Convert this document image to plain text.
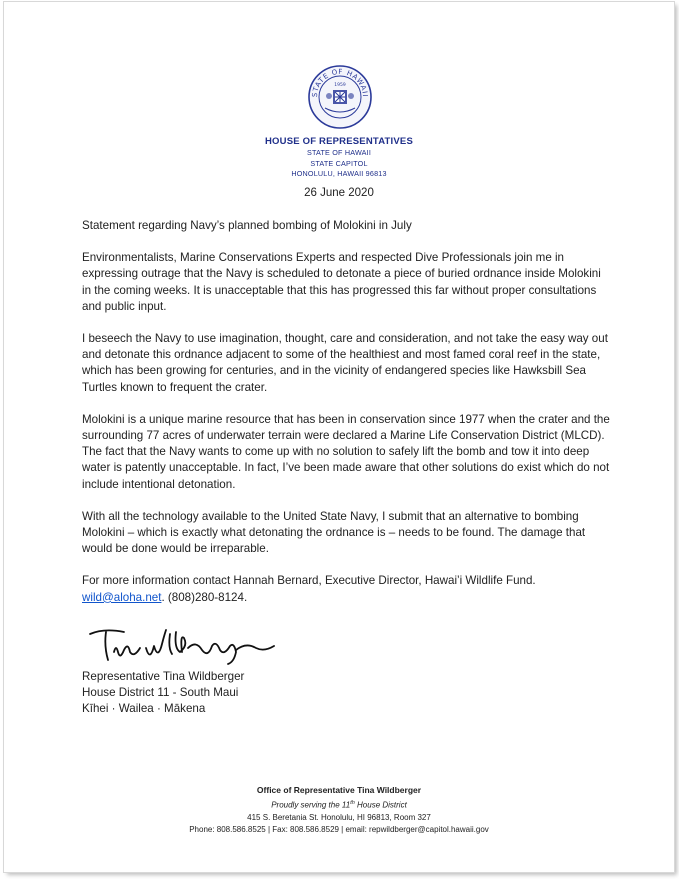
STATE OF HAWAII
1959
HOUSE OF REPRESENTATIVES
STATE OF HAWAII
STATE CAPITOL
HONOLULU, HAWAII 96813
26 June 2020

Statement regarding Navy’s planned bombing of Molokini in July

Environmentalists, Marine Conservations Experts and respected Dive Professionals join me in expressing outrage that the Navy is scheduled to detonate a piece of buried ordnance inside Molokini in the coming weeks. It is unacceptable that this has progressed this far without proper consultations and public input.

I beseech the Navy to use imagination, thought, care and consideration, and not take the easy way out and detonate this ordnance adjacent to some of the healthiest and most famed coral reef in the state, which has been growing for centuries, and in the vicinity of endangered species like Hawksbill Sea Turtles known to frequent the crater.

Molokini is a unique marine resource that has been in conservation since 1977 when the crater and the surrounding 77 acres of underwater terrain were declared a Marine Life Conservation District (MLCD). The fact that the Navy wants to come up with no solution to safely lift the bomb and tow it into deep water is patently unacceptable. In fact, I’ve been made aware that other solutions do exist which do not include intentional detonation.

With all the technology available to the United State Navy, I submit that an alternative to bombing Molokini – which is exactly what detonating the ordnance is – needs to be found. The damage that would be done would be irreparable.

For more information contact Hannah Bernard, Executive Director, Hawai’i Wildlife Fund.
wild@aloha.net. (808)280-8124.

Representative Tina Wildberger
House District 11 - South Maui
Kīhei · Wailea · Mākena
Office of Representative Tina Wildberger
Proudly serving the 11th House District
415 S. Beretania St. Honolulu, HI 96813, Room 327
Phone: 808.586.8525 | Fax: 808.586.8529 | email: repwildberger@capitol.hawaii.gov
